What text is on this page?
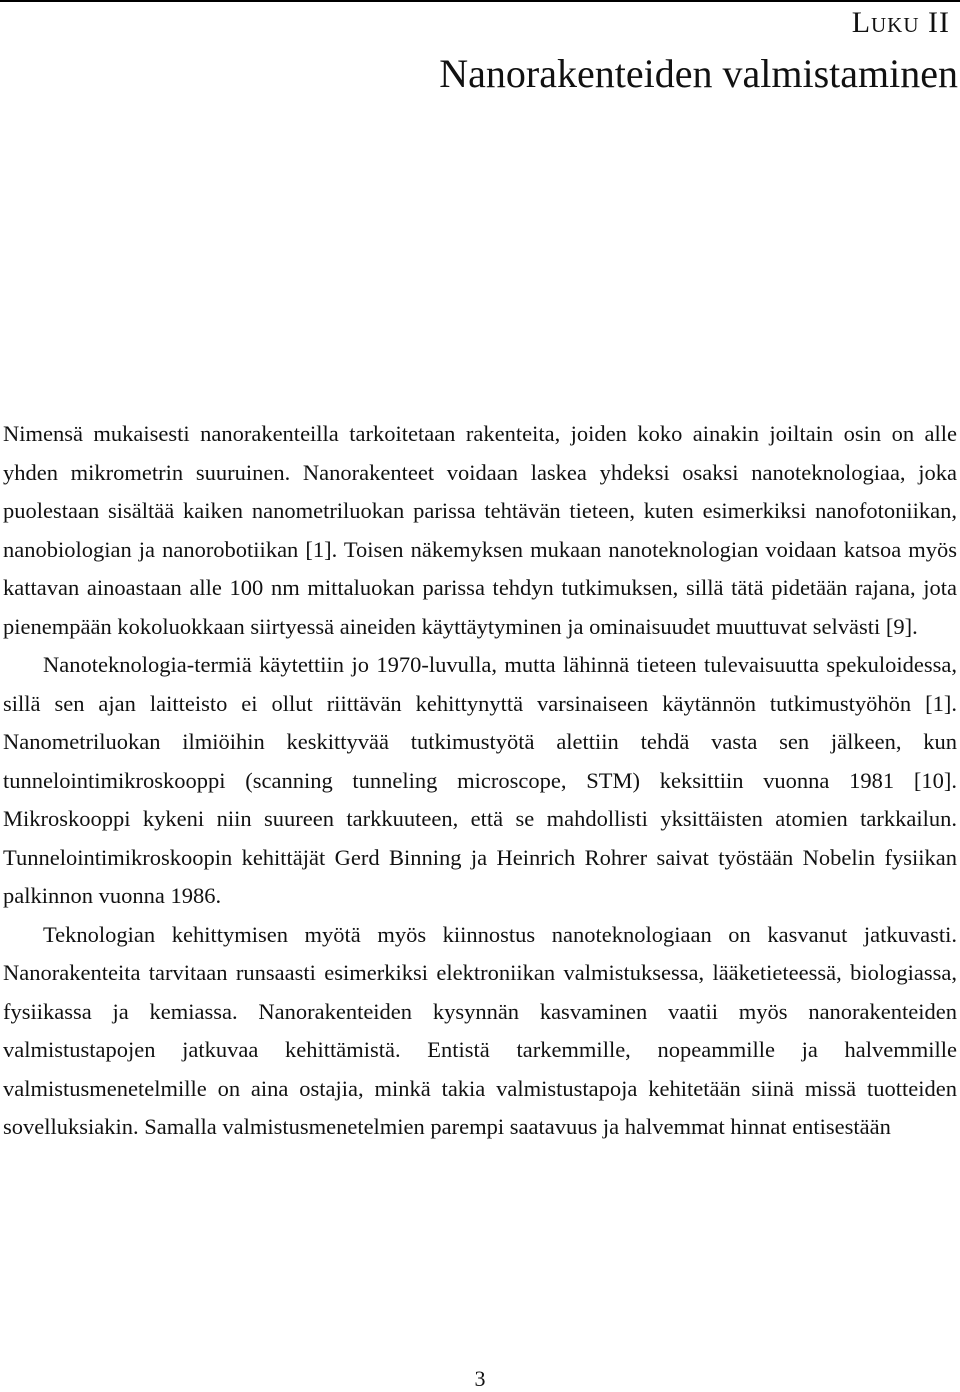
Luku II
Nanorakenteiden valmistaminen

Nimensä mukaisesti nanorakenteilla tarkoitetaan rakenteita, joiden koko ainakin joiltain osin on alle yhden mikrometrin suuruinen. Nanorakenteet voidaan laskea yhdeksi osaksi nanoteknologiaa, joka puolestaan sisältää kaiken nanometriluokan parissa tehtävän tieteen, kuten esimerkiksi nanofotoniikan, nanobiologian ja nanorobotiikan [1]. Toisen näkemyksen mukaan nanoteknologian voidaan katsoa myös kattavan ainoastaan alle 100 nm mittaluokan parissa tehdyn tutkimuksen, sillä tätä pidetään rajana, jota pienempään kokoluokkaan siirtyessä aineiden käyttäytyminen ja ominaisuudet muuttuvat selvästi [9].

Nanoteknologia-termiä käytettiin jo 1970-luvulla, mutta lähinnä tieteen tulevaisuutta spekuloidessa, sillä sen ajan laitteisto ei ollut riittävän kehittynyttä varsinaiseen käytännön tutkimustyöhön [1]. Nanometriluokan ilmiöihin keskittyvää tutkimustyötä alettiin tehdä vasta sen jälkeen, kun tunnelointimikroskooppi (scanning tunneling microscope, STM) keksittiin vuonna 1981 [10]. Mikroskooppi kykeni niin suureen tarkkuuteen, että se mahdollisti yksittäisten atomien tarkkailun. Tunnelointimikroskoopin kehittäjät Gerd Binning ja Heinrich Rohrer saivat työstään Nobelin fysiikan palkinnon vuonna 1986.

Teknologian kehittymisen myötä myös kiinnostus nanoteknologiaan on kasvanut jatkuvasti. Nanorakenteita tarvitaan runsaasti esimerkiksi elektroniikan valmistuksessa, lääketieteessä, biologiassa, fysiikassa ja kemiassa. Nanorakenteiden kysynnän kasvaminen vaatii myös nanorakenteiden valmistustapojen jatkuvaa kehittämistä. Entistä tarkemmille, nopeammille ja halvemmille valmistusmenetelmille on aina ostajia, minkä takia valmistustapoja kehitetään siinä missä tuotteiden sovelluksiakin. Samalla valmistusmenetelmien parempi saatavuus ja halvemmat hinnat entisestään

3
